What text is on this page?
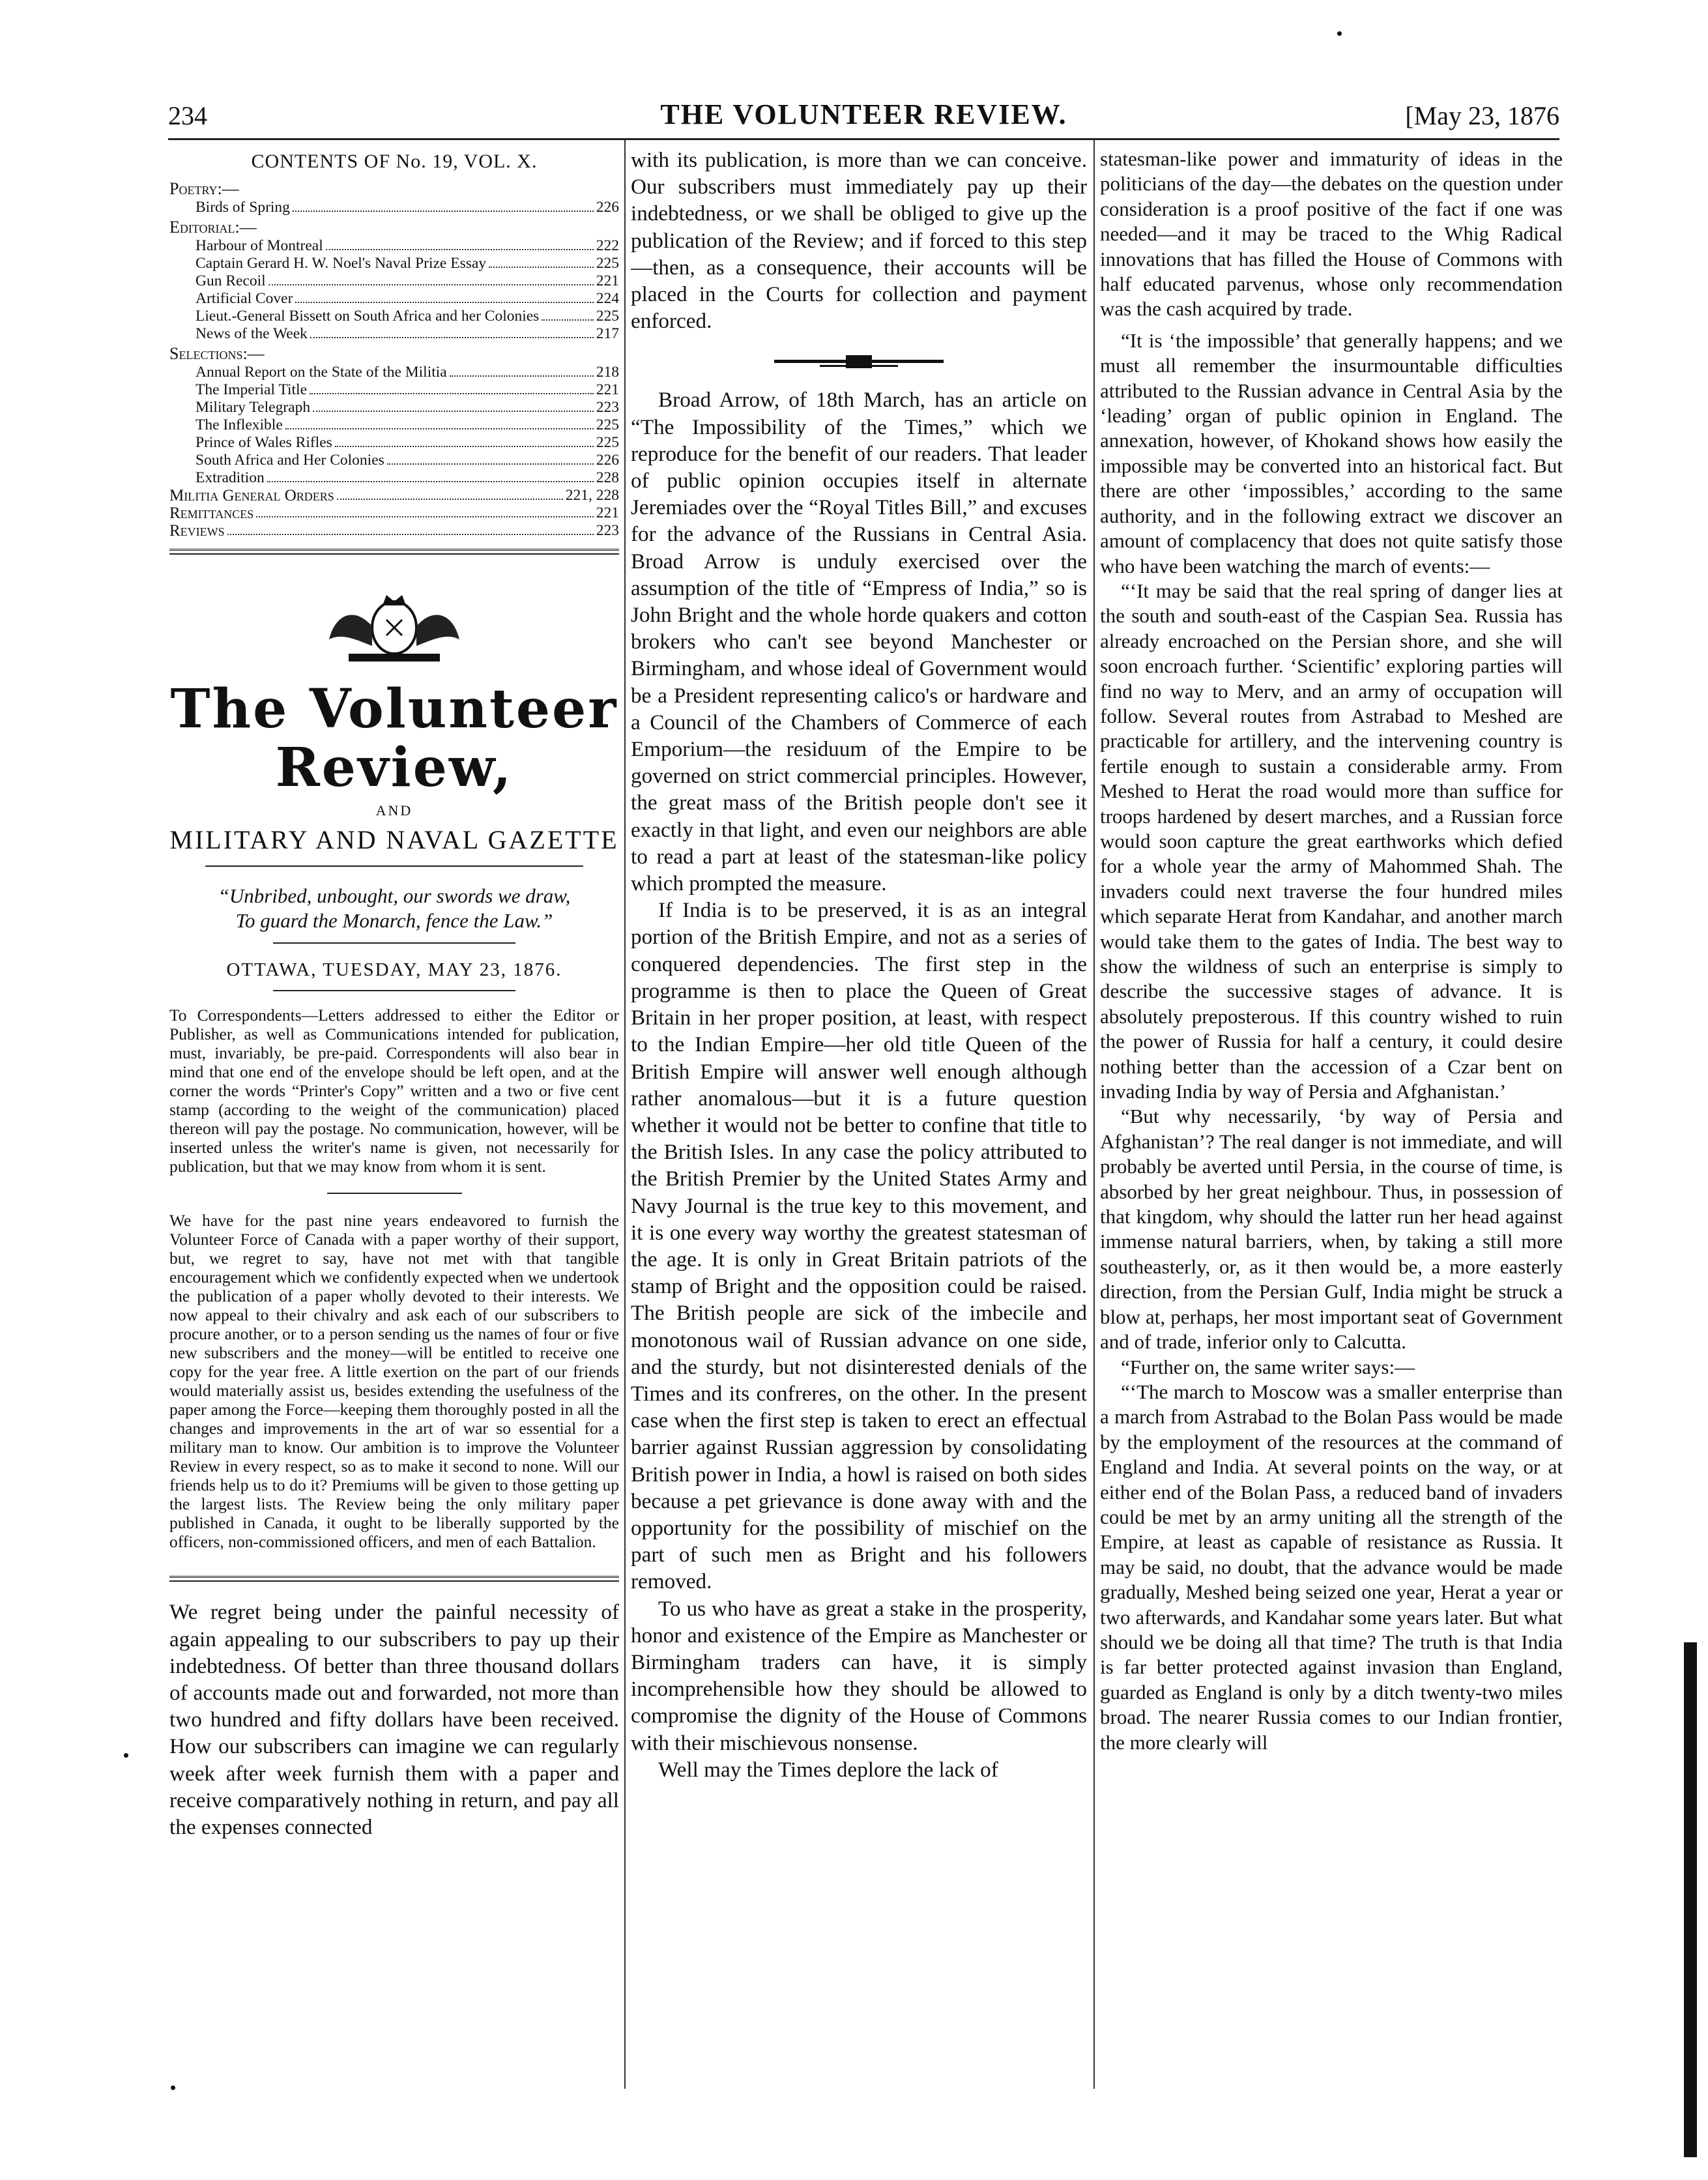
234	THE VOLUNTEER REVIEW.	[May 23, 1876
CONTENTS OF No. 19, VOL. X.
Poetry:—
Birds of Spring	226
Editorial:—
Harbour of Montreal	222
Captain Gerard H. W. Noel's Naval Prize Essay	225
Gun Recoil	221
Artificial Cover	224
Lieut.-General Bissett on South Africa and her Colonies	225
News of the Week	217
Selections:—
Annual Report on the State of the Militia	218
The Imperial Title	221
Military Telegraph	223
The Inflexible	225
Prince of Wales Rifles	225
South Africa and Her Colonies	226
Extradition	228
Militia General Orders	221, 228
Remittances	221
Reviews	223
The Volunteer Review,
AND
MILITARY AND NAVAL GAZETTE
“Unbribed, unbought, our swords we draw,
To guard the Monarch, fence the Law.”
OTTAWA, TUESDAY, MAY 23, 1876.

To Correspondents—Letters addressed to either the Editor or Publisher, as well as Communications intended for publication, must, invariably, be pre-paid. Correspondents will also bear in mind that one end of the envelope should be left open, and at the corner the words “Printer's Copy” written and a two or five cent stamp (according to the weight of the communication) placed thereon will pay the postage. No communication, however, will be inserted unless the writer's name is given, not necessarily for publication, but that we may know from whom it is sent.

We have for the past nine years endeavored to furnish the Volunteer Force of Canada with a paper worthy of their support, but, we regret to say, have not met with that tangible encouragement which we confidently expected when we undertook the publication of a paper wholly devoted to their interests. We now appeal to their chivalry and ask each of our subscribers to procure another, or to a person sending us the names of four or five new subscribers and the money—will be entitled to receive one copy for the year free. A little exertion on the part of our friends would materially assist us, besides extending the usefulness of the paper among the Force—keeping them thoroughly posted in all the changes and improvements in the art of war so essential for a military man to know. Our ambition is to improve the Volunteer Review in every respect, so as to make it second to none. Will our friends help us to do it? Premiums will be given to those getting up the largest lists. The Review being the only military paper published in Canada, it ought to be liberally supported by the officers, non-commissioned officers, and men of each Battalion.

We regret being under the painful necessity of again appealing to our subscribers to pay up their indebtedness. Of better than three thousand dollars of accounts made out and forwarded, not more than two hundred and fifty dollars have been received. How our subscribers can imagine we can regularly week after week furnish them with a paper and receive comparatively nothing in return, and pay all the expenses connected

with its publication, is more than we can conceive. Our subscribers must immediately pay up their indebtedness, or we shall be obliged to give up the publication of the Review; and if forced to this step—then, as a consequence, their accounts will be placed in the Courts for collection and payment enforced.

Broad Arrow, of 18th March, has an article on “The Impossibility of the Times,” which we reproduce for the benefit of our readers. That leader of public opinion occupies itself in alternate Jeremiades over the “Royal Titles Bill,” and excuses for the advance of the Russians in Central Asia. Broad Arrow is unduly exercised over the assumption of the title of “Empress of India,” so is John Bright and the whole horde quakers and cotton brokers who can't see beyond Manchester or Birmingham, and whose ideal of Government would be a President representing calico's or hardware and a Council of the Chambers of Commerce of each Emporium—the residuum of the Empire to be governed on strict commercial principles. However, the great mass of the British people don't see it exactly in that light, and even our neighbors are able to read a part at least of the statesman-like policy which prompted the measure.

If India is to be preserved, it is as an integral portion of the British Empire, and not as a series of conquered dependencies. The first step in the programme is then to place the Queen of Great Britain in her proper position, at least, with respect to the Indian Empire—her old title Queen of the British Empire will answer well enough although rather anomalous—but it is a future question whether it would not be better to confine that title to the British Isles. In any case the policy attributed to the British Premier by the United States Army and Navy Journal is the true key to this movement, and it is one every way worthy the greatest statesman of the age. It is only in Great Britain patriots of the stamp of Bright and the opposition could be raised. The British people are sick of the imbecile and monotonous wail of Russian advance on one side, and the sturdy, but not disinterested denials of the Times and its confreres, on the other. In the present case when the first step is taken to erect an effectual barrier against Russian aggression by consolidating British power in India, a howl is raised on both sides because a pet grievance is done away with and the opportunity for the possibility of mischief on the part of such men as Bright and his followers removed.

To us who have as great a stake in the prosperity, honor and existence of the Empire as Manchester or Birmingham traders can have, it is simply incomprehensible how they should be allowed to compromise the dignity of the House of Commons with their mischievous nonsense.

Well may the Times deplore the lack of

statesman-like power and immaturity of ideas in the politicians of the day—the debates on the question under consideration is a proof positive of the fact if one was needed—and it may be traced to the Whig Radical innovations that has filled the House of Commons with half educated parvenus, whose only recommendation was the cash acquired by trade.

“It is ‘the impossible’ that generally happens; and we must all remember the insurmountable difficulties attributed to the Russian advance in Central Asia by the ‘leading’ organ of public opinion in England. The annexation, however, of Khokand shows how easily the impossible may be converted into an historical fact. But there are other ‘impossibles,’ according to the same authority, and in the following extract we discover an amount of complacency that does not quite satisfy those who have been watching the march of events:—

“‘It may be said that the real spring of danger lies at the south and south-east of the Caspian Sea. Russia has already encroached on the Persian shore, and she will soon encroach further. ‘Scientific’ exploring parties will find no way to Merv, and an army of occupation will follow. Several routes from Astrabad to Meshed are practicable for artillery, and the intervening country is fertile enough to sustain a considerable army. From Meshed to Herat the road would more than suffice for troops hardened by desert marches, and a Russian force would soon capture the great earthworks which defied for a whole year the army of Mahommed Shah. The invaders could next traverse the four hundred miles which separate Herat from Kandahar, and another march would take them to the gates of India. The best way to show the wildness of such an enterprise is simply to describe the successive stages of advance. It is absolutely preposterous. If this country wished to ruin the power of Russia for half a century, it could desire nothing better than the accession of a Czar bent on invading India by way of Persia and Afghanistan.’

“But why necessarily, ‘by way of Persia and Afghanistan’? The real danger is not immediate, and will probably be averted until Persia, in the course of time, is absorbed by her great neighbour. Thus, in possession of that kingdom, why should the latter run her head against immense natural barriers, when, by taking a still more southeasterly, or, as it then would be, a more easterly direction, from the Persian Gulf, India might be struck a blow at, perhaps, her most important seat of Government and of trade, inferior only to Calcutta.

“Further on, the same writer says:—

“‘The march to Moscow was a smaller enterprise than a march from Astrabad to the Bolan Pass would be made by the employment of the resources at the command of England and India. At several points on the way, or at either end of the Bolan Pass, a reduced band of invaders could be met by an army uniting all the strength of the Empire, at least as capable of resistance as Russia. It may be said, no doubt, that the advance would be made gradually, Meshed being seized one year, Herat a year or two afterwards, and Kandahar some years later. But what should we be doing all that time? The truth is that India is far better protected against invasion than England, guarded as England is only by a ditch twenty-two miles broad. The nearer Russia comes to our Indian frontier, the more clearly will
